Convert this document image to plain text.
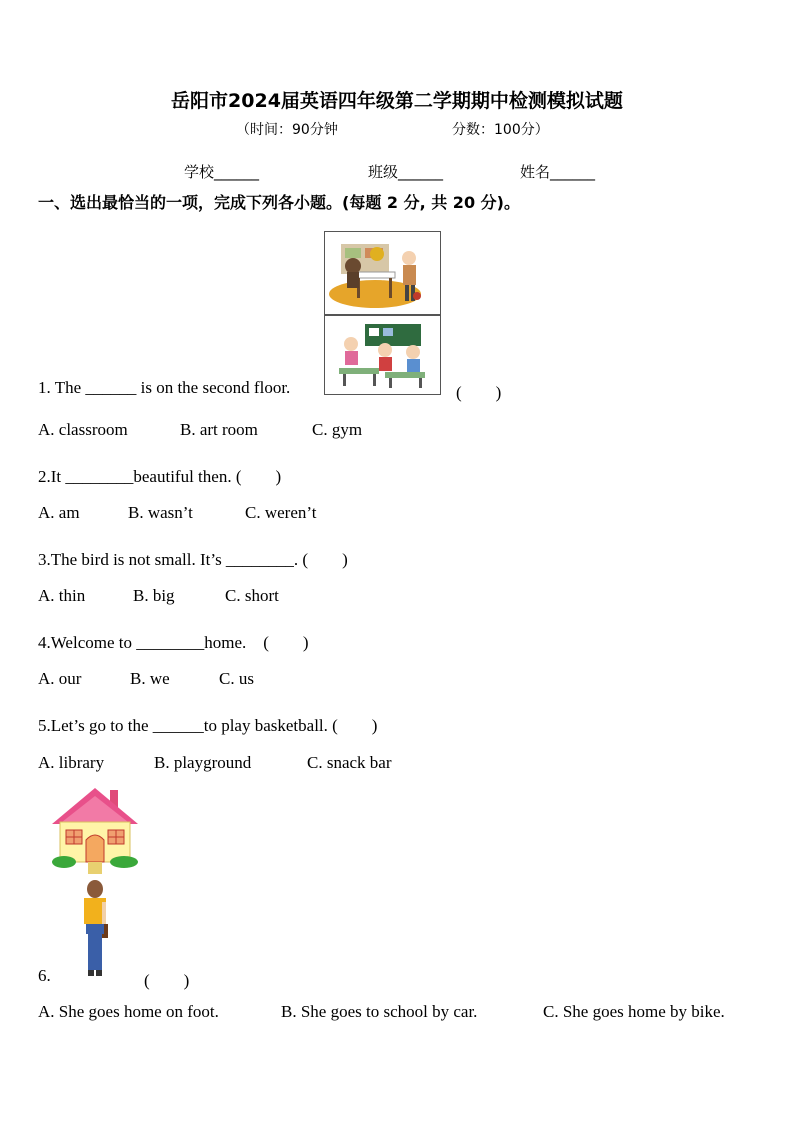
岳阳市2024届英语四年级第二学期期中检测模拟试题
（时间：90分钟	分数：100分）
学校______	班级______	姓名______
一、选出最恰当的一项，完成下列各小题。(每题 2 分, 共 20 分)。
1. The ______ is on the second floor.	(　　)
A. classroom	B. art room	C. gym
2.It ________beautiful then. (　　)
A. am	B. wasn’t	C. weren’t
3.The bird is not small. It’s ________. (　　)
A. thin	B. big	C. short
4.Welcome to ________home.　(　　)
A. our	B. we	C. us
5.Let’s go to the ______to play basketball. (　　)
A. library	B. playground	C. snack bar
6.	(　　)
A. She goes home on foot.	B. She goes to school by car.	C. She goes home by bike.
